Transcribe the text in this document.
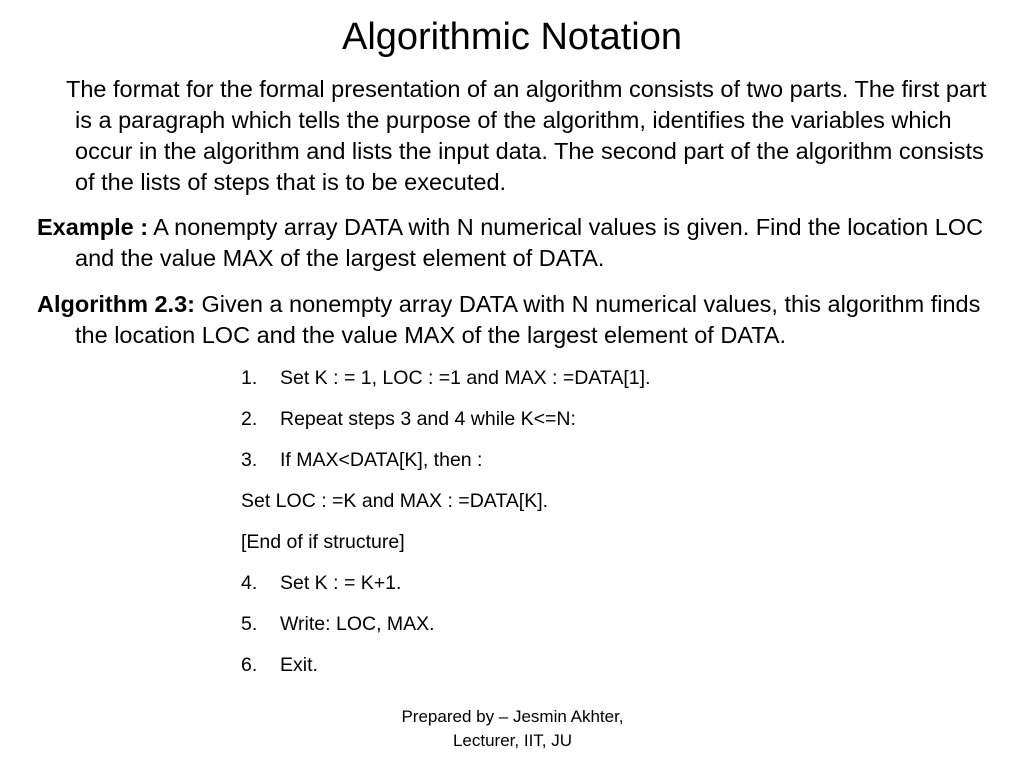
Algorithmic Notation
The format for the formal presentation of an algorithm consists of two parts. The first part is a paragraph which tells the purpose of the algorithm, identifies the variables which occur in the algorithm and lists the input data. The second part of the algorithm consists of the lists of steps that is to be executed.
Example : A nonempty array DATA with N numerical values is given. Find the location LOC and the value MAX of the largest element of DATA.
Algorithm 2.3: Given a nonempty array DATA with N numerical values, this algorithm finds the location LOC and the value MAX of the largest element of DATA.
1. Set K : = 1, LOC : =1 and MAX : =DATA[1].
2. Repeat steps 3 and 4 while K<=N:
3. If MAX<DATA[K], then :
Set LOC : =K and MAX : =DATA[K].
[End of if structure]
4. Set K : = K+1.
5. Write: LOC, MAX.
6. Exit.
Prepared by – Jesmin Akhter,
Lecturer, IIT, JU
